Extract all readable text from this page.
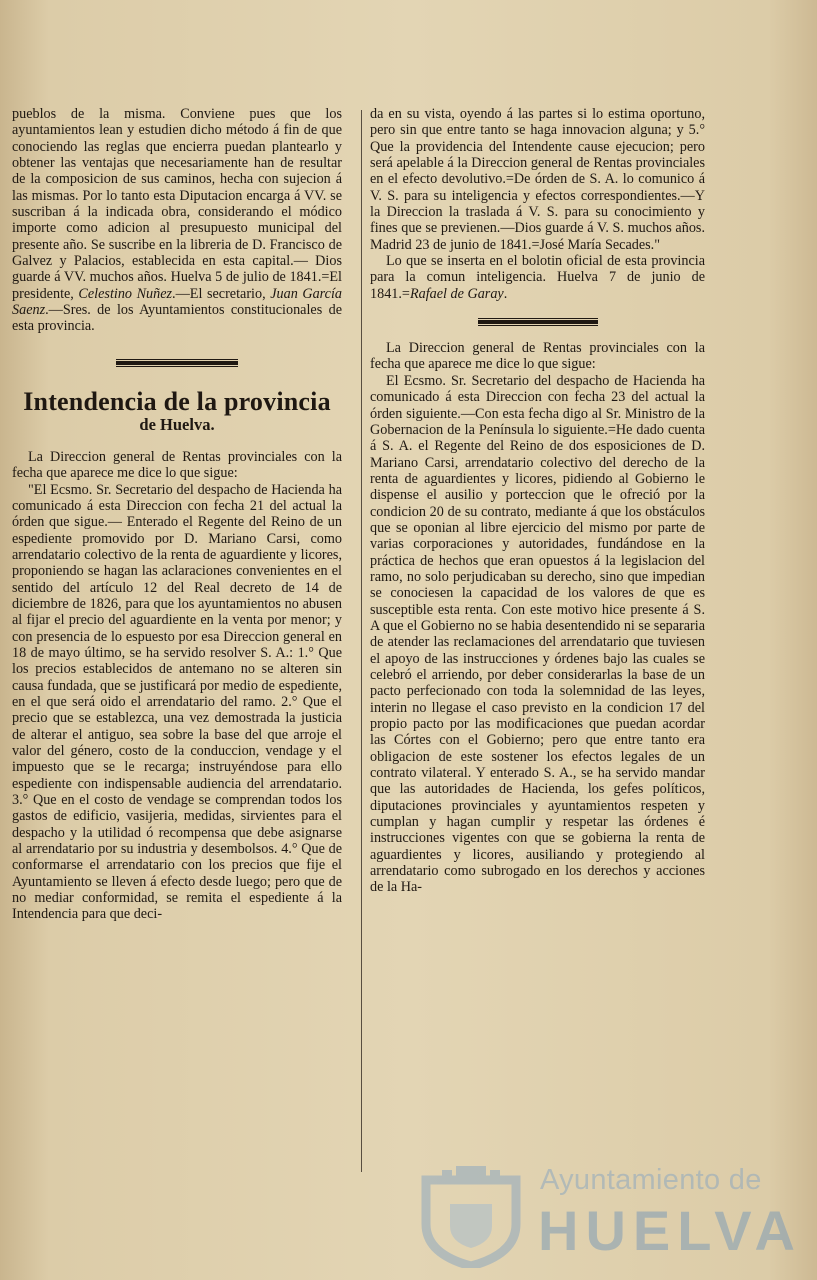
pueblos de la misma. Conviene pues que los ayuntamientos lean y estudien dicho método á fin de que conociendo las reglas que encierra puedan plantearlo y obtener las ventajas que necesariamente han de resultar de la composicion de sus caminos, hecha con sujecion á las mismas. Por lo tanto esta Diputacion encarga á VV. se suscriban á la indicada obra, considerando el módico importe como adicion al presupuesto municipal del presente año. Se suscribe en la libreria de D. Francisco de Galvez y Palacios, establecida en esta capital.— Dios guarde á VV. muchos años. Huelva 5 de julio de 1841.=El presidente, Celestino Nuñez.—El secretario, Juan García Saenz.—Sres. de los Ayuntamientos constitucionales de esta provincia.

Intendencia de la provincia
de Huelva.

La Direccion general de Rentas provinciales con la fecha que aparece me dice lo que sigue:

"El Ecsmo. Sr. Secretario del despacho de Hacienda ha comunicado á esta Direccion con fecha 21 del actual la órden que sigue.— Enterado el Regente del Reino de un espediente promovido por D. Mariano Carsi, como arrendatario colectivo de la renta de aguardiente y licores, proponiendo se hagan las aclaraciones convenientes en el sentido del artículo 12 del Real decreto de 14 de diciembre de 1826, para que los ayuntamientos no abusen al fijar el precio del aguardiente en la venta por menor; y con presencia de lo espuesto por esa Direccion general en 18 de mayo último, se ha servido resolver S. A.: 1.° Que los precios establecidos de antemano no se alteren sin causa fundada, que se justificará por medio de espediente, en el que será oido el arrendatario del ramo. 2.° Que el precio que se establezca, una vez demostrada la justicia de alterar el antiguo, sea sobre la base del que arroje el valor del género, costo de la conduccion, vendage y el impuesto que se le recarga; instruyéndose para ello espediente con indispensable audiencia del arrendatario. 3.° Que en el costo de vendage se comprendan todos los gastos de edificio, vasijeria, medidas, sirvientes para el despacho y la utilidad ó recompensa que debe asignarse al arrendatario por su industria y desembolsos. 4.° Que de conformarse el arrendatario con los precios que fije el Ayuntamiento se lleven á efecto desde luego; pero que de no mediar conformidad, se remita el espediente á la Intendencia para que deci-

da en su vista, oyendo á las partes si lo estima oportuno, pero sin que entre tanto se haga innovacion alguna; y 5.° Que la providencia del Intendente cause ejecucion; pero será apelable á la Direccion general de Rentas provinciales en el efecto devolutivo.=De órden de S. A. lo comunico á V. S. para su inteligencia y efectos correspondientes.—Y la Direccion la traslada á V. S. para su conocimiento y fines que se previenen.—Dios guarde á V. S. muchos años. Madrid 23 de junio de 1841.=José María Secades."

Lo que se inserta en el bolotin oficial de esta provincia para la comun inteligencia. Huelva 7 de junio de 1841.=Rafael de Garay.

La Direccion general de Rentas provinciales con la fecha que aparece me dice lo que sigue:

El Ecsmo. Sr. Secretario del despacho de Hacienda ha comunicado á esta Direccion con fecha 23 del actual la órden siguiente.—Con esta fecha digo al Sr. Ministro de la Gobernacion de la Península lo siguiente.=He dado cuenta á S. A. el Regente del Reino de dos esposiciones de D. Mariano Carsi, arrendatario colectivo del derecho de la renta de aguardientes y licores, pidiendo al Gobierno le dispense el ausilio y porteccion que le ofreció por la condicion 20 de su contrato, mediante á que los obstáculos que se oponian al libre ejercicio del mismo por parte de varias corporaciones y autoridades, fundándose en la práctica de hechos que eran opuestos á la legislacion del ramo, no solo perjudicaban su derecho, sino que impedian se conociesen la capacidad de los valores de que es susceptible esta renta. Con este motivo hice presente á S. A que el Gobierno no se habia desentendido ni se separaria de atender las reclamaciones del arrendatario que tuviesen el apoyo de las instrucciones y órdenes bajo las cuales se celebró el arriendo, por deber considerarlas la base de un pacto perfecionado con toda la solemnidad de las leyes, interin no llegase el caso previsto en la condicion 17 del propio pacto por las modificaciones que puedan acordar las Córtes con el Gobierno; pero que entre tanto era obligacion de este sostener los efectos legales de un contrato vilateral. Y enterado S. A., se ha servido mandar que las autoridades de Hacienda, los gefes políticos, diputaciones provinciales y ayuntamientos respeten y cumplan y hagan cumplir y respetar las órdenes é instrucciones vigentes con que se gobierna la renta de aguardientes y licores, ausiliando y protegiendo al arrendatario como subrogado en los derechos y acciones de la Ha-

Ayuntamiento de
HUELVA
